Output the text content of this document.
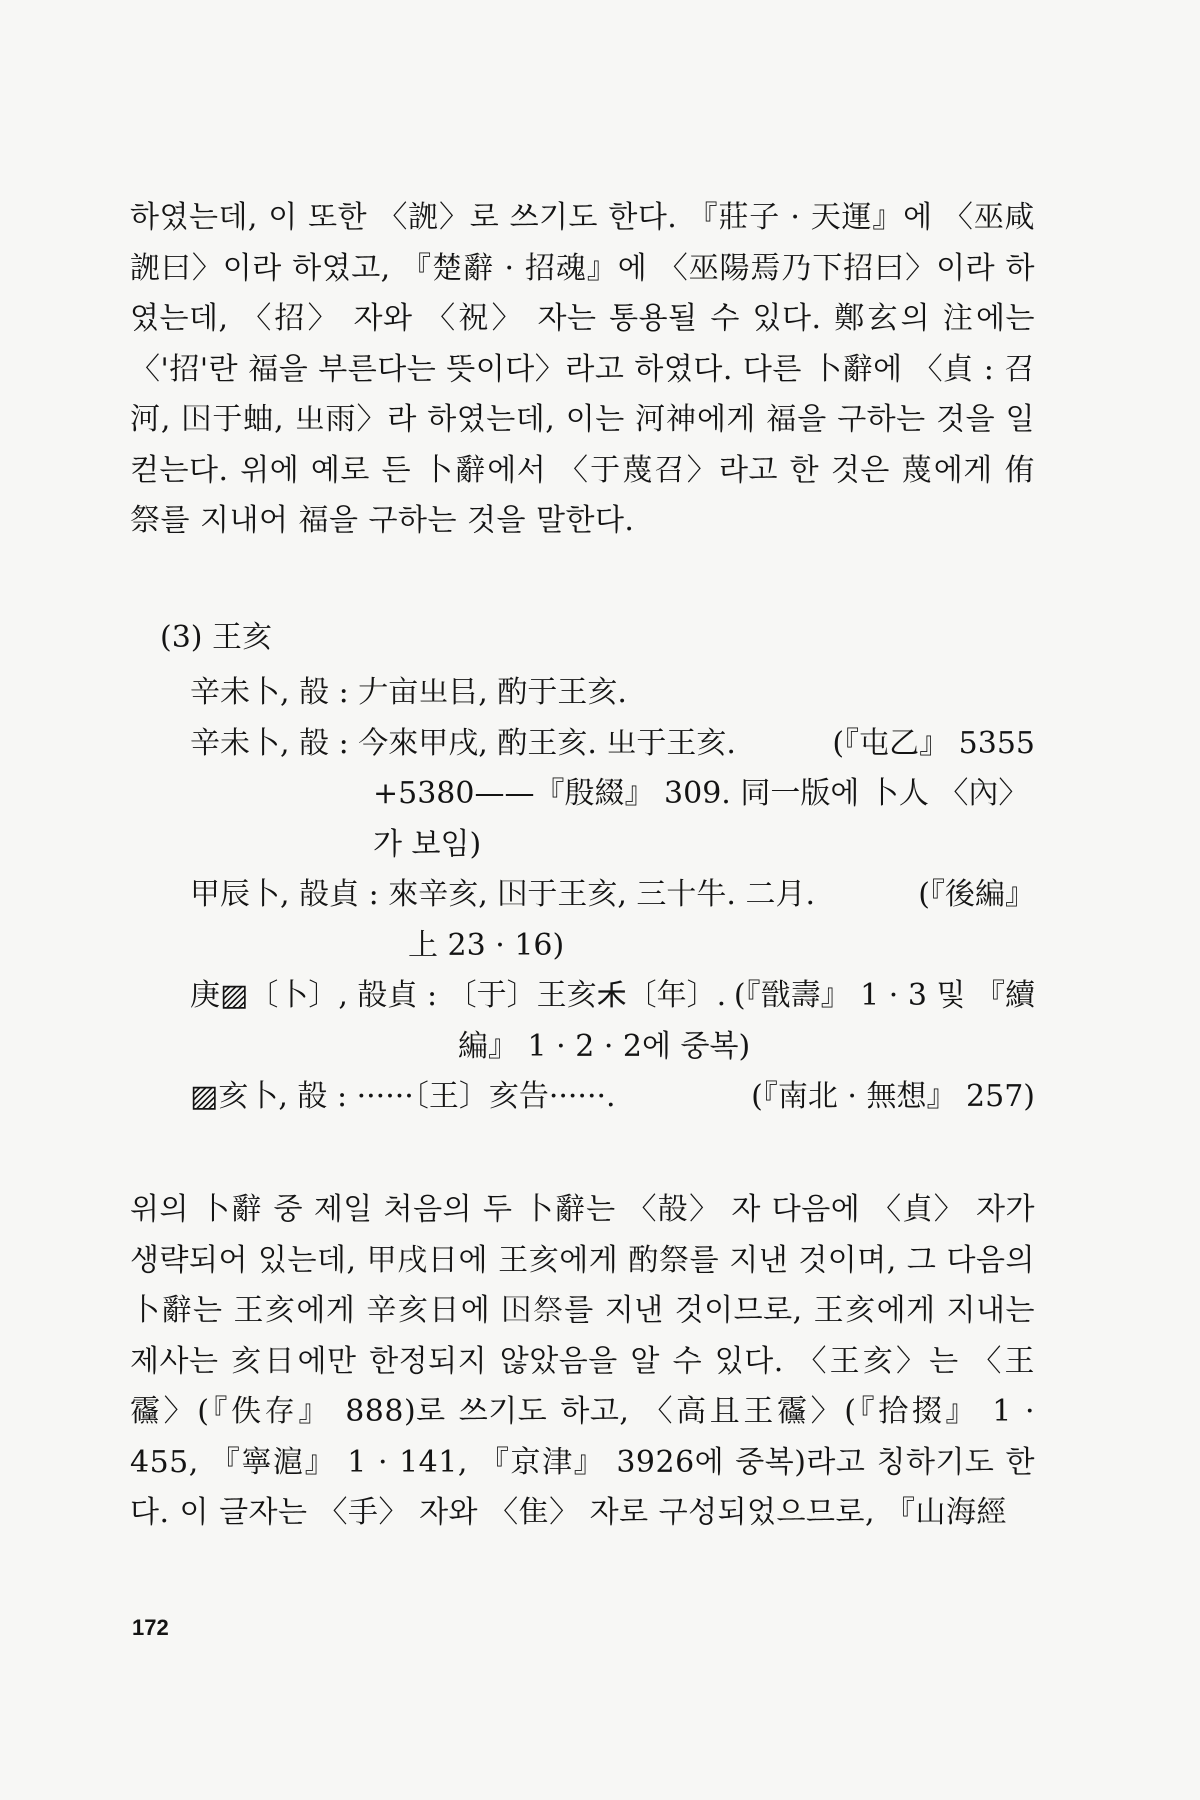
하였는데, 이 또한 〈䛄〉로 쓰기도 한다. 『莊子 · 天運』에 〈巫咸䛄曰〉이라 하였고, 『楚辭 · 招魂』에 〈巫陽焉乃下招曰〉이라 하였는데, 〈招〉 자와 〈祝〉 자는 통용될 수 있다. 鄭玄의 注에는 〈'招'란 福을 부른다는 뜻이다〉라고 하였다. 다른 卜辭에 〈貞 : 召河, 𡆥于蚰, 㞢雨〉라 하였는데, 이는 河神에게 福을 구하는 것을 일컫는다. 위에 예로 든 卜辭에서 〈于蔑召〉라고 한 것은 蔑에게 侑祭를 지내어 福을 구하는 것을 말한다.

(3) 王亥

辛未卜, 㱿 : 𠂇亩㞢㠯, 酌于王亥.
辛未卜, 㱿 : 今來甲戌, 酌王亥. 㞢于王亥.	(『屯乙』 5355

+5380——『殷綴』 309. 同一版에 卜人 〈內〉

가 보임)

甲辰卜, 㱿貞 : 來辛亥, 𡆥于王亥, 三十牛. 二月.	(『後編』

上 23 · 16)

庚▨〔卜〕, 㱿貞 : 〔于〕王亥𥝌〔年〕. (『戩壽』 1 · 3 및 『續

編』 1 · 2 · 2에 중복)

▨亥卜, 㱿 : ······〔王〕亥告······.	(『南北 · 無想』 257)

위의 卜辭 중 제일 처음의 두 卜辭는 〈㱿〉 자 다음에 〈貞〉 자가 생략되어 있는데, 甲戌日에 王亥에게 酌祭를 지낸 것이며, 그 다음의 卜辭는 王亥에게 辛亥日에 𡆥祭를 지낸 것이므로, 王亥에게 지내는 제사는 亥日에만 한정되지 않았음을 알 수 있다. 〈王亥〉는 〈王䨹〉(『佚存』 888)로 쓰기도 하고, 〈高且王䨹〉(『拾掇』 1 · 455, 『寧滬』 1 · 141, 『京津』 3926에 중복)라고 칭하기도 한다. 이 글자는 〈手〉 자와 〈隹〉 자로 구성되었으므로, 『山海經

172
